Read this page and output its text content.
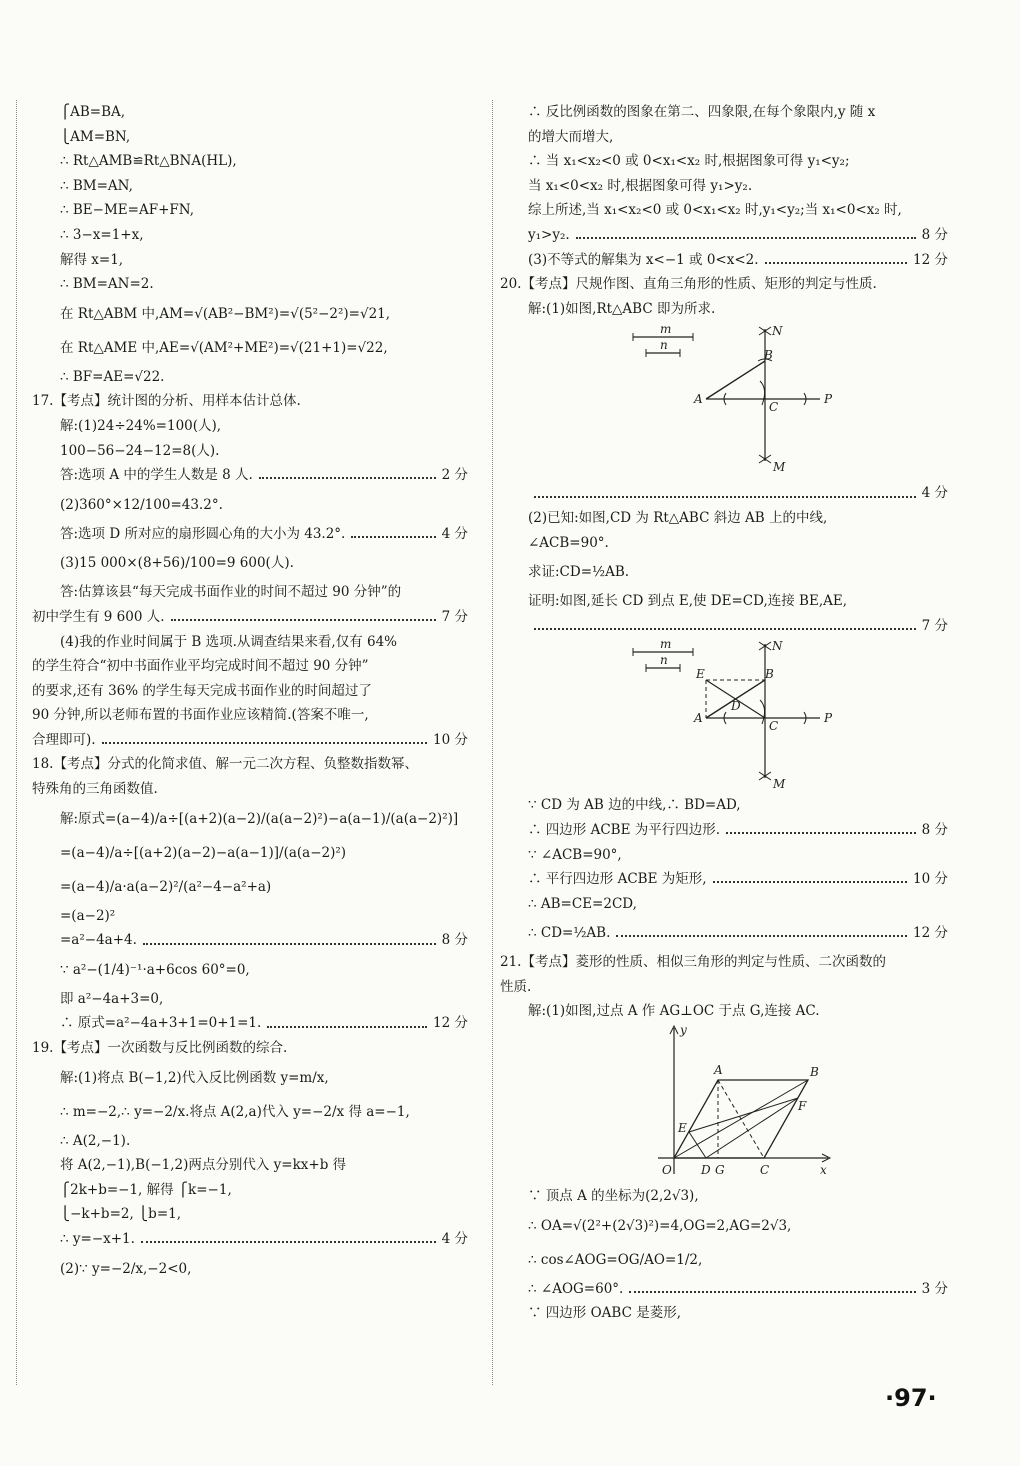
⎧AB=BA,
⎩AM=BN,
∴ Rt△AMB≌Rt△BNA(HL),
∴ BM=AN,
∴ BE−ME=AF+FN,
∴ 3−x=1+x,
解得 x=1,
∴ BM=AN=2.
在 Rt△ABM 中,AM=√(AB²−BM²)=√(5²−2²)=√21,
在 Rt△AME 中,AE=√(AM²+ME²)=√(21+1)=√22,
∴ BF=AE=√22.
17.【考点】统计图的分析、用样本估计总体.
解:(1)24÷24%=100(人),
100−56−24−12=8(人).
答:选项 A 中的学生人数是 8 人.	2 分
(2)360°×12/100=43.2°.
答:选项 D 所对应的扇形圆心角的大小为 43.2°.	4 分
(3)15 000×(8+56)/100=9 600(人).
答:估算该县“每天完成书面作业的时间不超过 90 分钟”的
初中学生有 9 600 人.	7 分
(4)我的作业时间属于 B 选项.从调查结果来看,仅有 64%
的学生符合“初中书面作业平均完成时间不超过 90 分钟”
的要求,还有 36% 的学生每天完成书面作业的时间超过了
90 分钟,所以老师布置的书面作业应该精简.(答案不唯一,
合理即可).	10 分
18.【考点】分式的化简求值、解一元二次方程、负整数指数幂、
特殊角的三角函数值.
解:原式=(a−4)/a÷[(a+2)(a−2)/(a(a−2)²)−a(a−1)/(a(a−2)²)]
=(a−4)/a÷[(a+2)(a−2)−a(a−1)]/(a(a−2)²)
=(a−4)/a·a(a−2)²/(a²−4−a²+a)
=(a−2)²
=a²−4a+4.	8 分
∵ a²−(1/4)⁻¹·a+6cos 60°=0,
即 a²−4a+3=0,
∴ 原式=a²−4a+3+1=0+1=1.	12 分
19.【考点】一次函数与反比例函数的综合.
解:(1)将点 B(−1,2)代入反比例函数 y=m/x,
∴ m=−2,∴ y=−2/x.将点 A(2,a)代入 y=−2/x 得 a=−1,
∴ A(2,−1).
将 A(2,−1),B(−1,2)两点分别代入 y=kx+b 得
⎧2k+b=−1, 解得 ⎧k=−1,
⎩−k+b=2, ⎩b=1,
∴ y=−x+1.	4 分
(2)∵ y=−2/x,−2<0,
∴ 反比例函数的图象在第二、四象限,在每个象限内,y 随 x
的增大而增大,
∴ 当 x₁<x₂<0 或 0<x₁<x₂ 时,根据图象可得 y₁<y₂;
当 x₁<0<x₂ 时,根据图象可得 y₁>y₂.
综上所述,当 x₁<x₂<0 或 0<x₁<x₂ 时,y₁<y₂;当 x₁<0<x₂ 时,
y₁>y₂.	8 分
(3)不等式的解集为 x<−1 或 0<x<2.	12 分
20.【考点】尺规作图、直角三角形的性质、矩形的判定与性质.
解:(1)如图,Rt△ABC 即为所求.
m
n
N
B
A
C
P
M
4 分
(2)已知:如图,CD 为 Rt△ABC 斜边 AB 上的中线,
∠ACB=90°.
求证:CD=½AB.
证明:如图,延长 CD 到点 E,使 DE=CD,连接 BE,AE,
7 分
m
n
N
E	B
D
A
C
P
M
∵ CD 为 AB 边的中线,∴ BD=AD,
∴ 四边形 ACBE 为平行四边形.	8 分
∵ ∠ACB=90°,
∴ 平行四边形 ACBE 为矩形,	10 分
∴ AB=CE=2CD,
∴ CD=½AB.	12 分
21.【考点】菱形的性质、相似三角形的判定与性质、二次函数的
性质.
解:(1)如图,过点 A 作 AG⊥OC 于点 G,连接 AC.
y
A	B
E
F
O D G	C	x
∵ 顶点 A 的坐标为(2,2√3),
∴ OA=√(2²+(2√3)²)=4,OG=2,AG=2√3,
∴ cos∠AOG=OG/AO=1/2,
∴ ∠AOG=60°.	3 分
∵ 四边形 OABC 是菱形,
·97·
